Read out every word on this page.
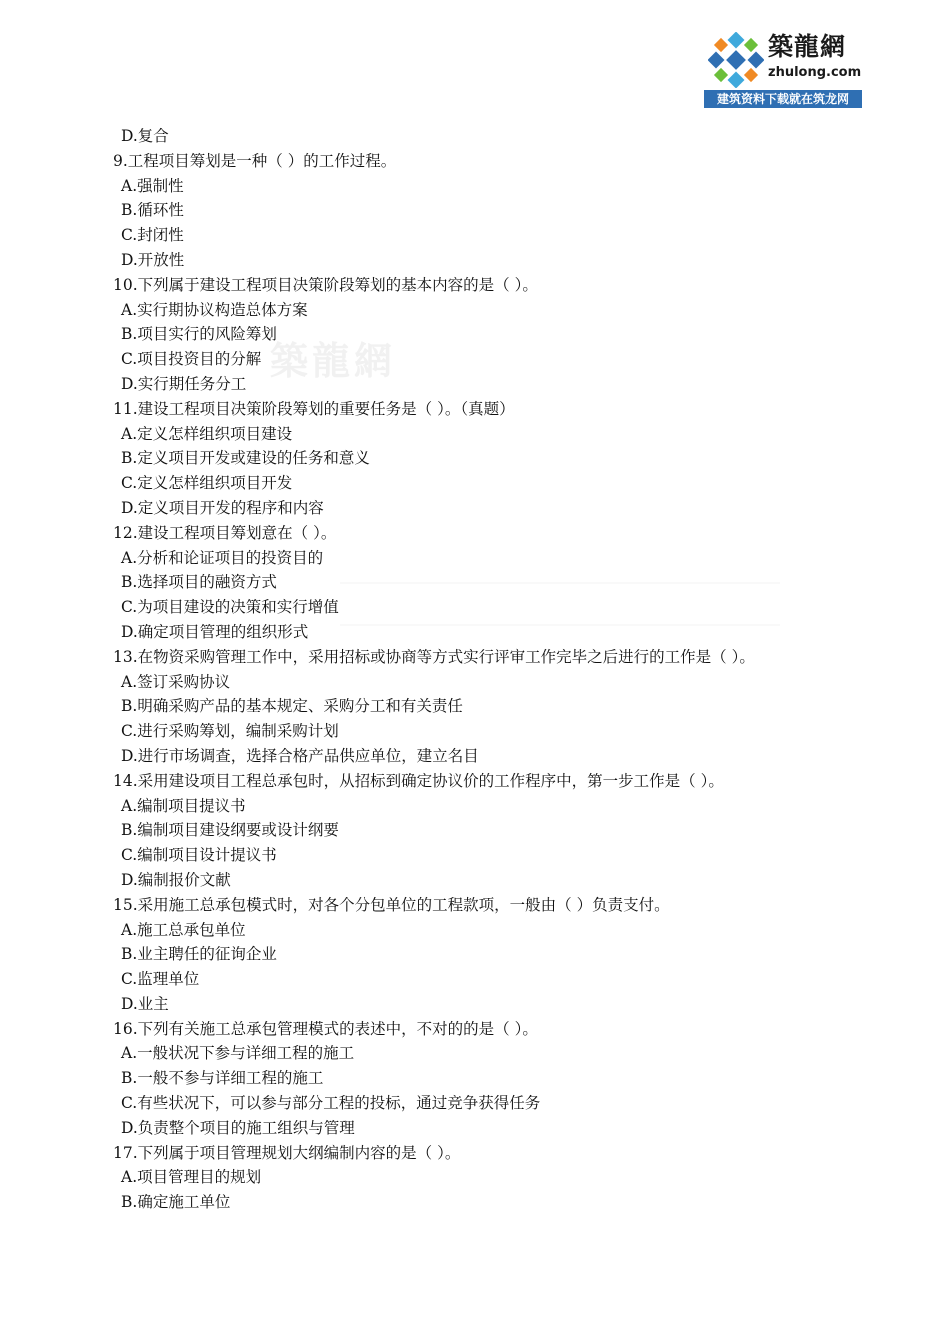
築龍網
zhulong.com
建筑资料下载就在筑龙网
築龍網
D.复合
9.工程项目筹划是一种（ ）的工作过程。
A.强制性
B.循环性
C.封闭性
D.开放性
10.下列属于建设工程项目决策阶段筹划的基本内容的是（ ）。
A.实行期协议构造总体方案
B.项目实行的风险筹划
C.项目投资目的分解
D.实行期任务分工
11.建设工程项目决策阶段筹划的重要任务是（ ）。（真题）
A.定义怎样组织项目建设
B.定义项目开发或建设的任务和意义
C.定义怎样组织项目开发
D.定义项目开发的程序和内容
12.建设工程项目筹划意在（ ）。
A.分析和论证项目的投资目的
B.选择项目的融资方式
C.为项目建设的决策和实行增值
D.确定项目管理的组织形式
13.在物资采购管理工作中，采用招标或协商等方式实行评审工作完毕之后进行的工作是（ ）。
A.签订采购协议
B.明确采购产品的基本规定、采购分工和有关责任
C.进行采购筹划，编制采购计划
D.进行市场调查，选择合格产品供应单位，建立名目
14.采用建设项目工程总承包时，从招标到确定协议价的工作程序中，第一步工作是（ ）。
A.编制项目提议书
B.编制项目建设纲要或设计纲要
C.编制项目设计提议书
D.编制报价文献
15.采用施工总承包模式时，对各个分包单位的工程款项，一般由（ ）负责支付。
A.施工总承包单位
B.业主聘任的征询企业
C.监理单位
D.业主
16.下列有关施工总承包管理模式的表述中，不对的的是（ ）。
A.一般状况下参与详细工程的施工
B.一般不参与详细工程的施工
C.有些状况下，可以参与部分工程的投标，通过竞争获得任务
D.负责整个项目的施工组织与管理
17.下列属于项目管理规划大纲编制内容的是（ ）。
A.项目管理目的规划
B.确定施工单位
